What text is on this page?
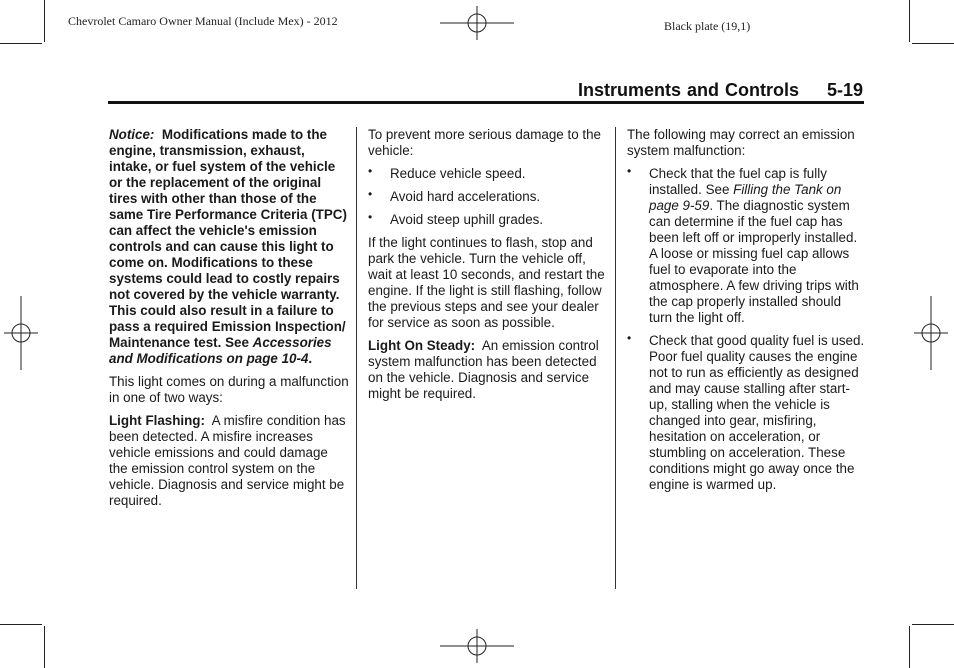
Chevrolet Camaro Owner Manual (Include Mex) - 2012	Black plate (19,1)
Instruments and Controls 5-19

Notice: Modifications made to the engine, transmission, exhaust, intake, or fuel system of the vehicle or the replacement of the original tires with other than those of the same Tire Performance Criteria (TPC) can affect the vehicle's emission controls and can cause this light to come on. Modifications to these systems could lead to costly repairs not covered by the vehicle warranty. This could also result in a failure to pass a required Emission Inspection/ Maintenance test. See Accessories and Modifications on page 10-4.

This light comes on during a malfunction in one of two ways:

Light Flashing: A misfire condition has been detected. A misfire increases vehicle emissions and could damage the emission control system on the vehicle. Diagnosis and service might be required.

To prevent more serious damage to the vehicle:

• Reduce vehicle speed.
• Avoid hard accelerations.
• Avoid steep uphill grades.

If the light continues to flash, stop and park the vehicle. Turn the vehicle off, wait at least 10 seconds, and restart the engine. If the light is still flashing, follow the previous steps and see your dealer for service as soon as possible.

Light On Steady: An emission control system malfunction has been detected on the vehicle. Diagnosis and service might be required.

The following may correct an emission system malfunction:

• Check that the fuel cap is fully installed. See Filling the Tank on page 9-59. The diagnostic system can determine if the fuel cap has been left off or improperly installed. A loose or missing fuel cap allows fuel to evaporate into the atmosphere. A few driving trips with the cap properly installed should turn the light off.
• Check that good quality fuel is used. Poor fuel quality causes the engine not to run as efficiently as designed and may cause stalling after start-up, stalling when the vehicle is changed into gear, misfiring, hesitation on acceleration, or stumbling on acceleration. These conditions might go away once the engine is warmed up.
